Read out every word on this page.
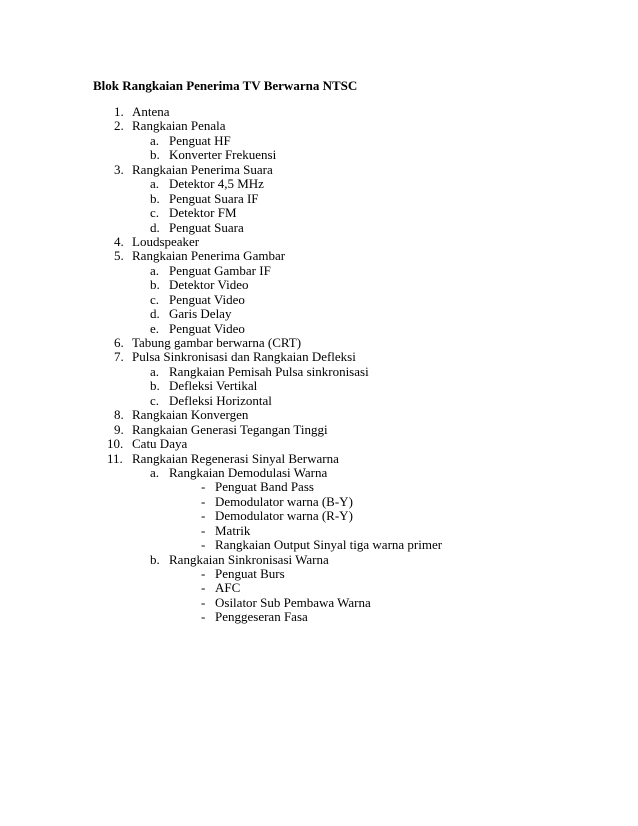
Blok Rangkaian Penerima TV Berwarna NTSC
1. Antena
2. Rangkaian Penala
a. Penguat HF
b. Konverter Frekuensi
3. Rangkaian Penerima Suara
a. Detektor 4,5 MHz
b. Penguat Suara IF
c. Detektor FM
d. Penguat Suara
4. Loudspeaker
5. Rangkaian Penerima Gambar
a. Penguat Gambar IF
b. Detektor Video
c. Penguat Video
d. Garis Delay
e. Penguat Video
6. Tabung gambar berwarna (CRT)
7. Pulsa Sinkronisasi dan Rangkaian Defleksi
a. Rangkaian Pemisah Pulsa sinkronisasi
b. Defleksi Vertikal
c. Defleksi Horizontal
8. Rangkaian Konvergen
9. Rangkaian Generasi Tegangan Tinggi
10. Catu Daya
11. Rangkaian Regenerasi Sinyal Berwarna
a. Rangkaian Demodulasi Warna
- Penguat Band Pass
- Demodulator warna (B-Y)
- Demodulator warna (R-Y)
- Matrik
- Rangkaian Output Sinyal tiga warna primer
b. Rangkaian Sinkronisasi Warna
- Penguat Burs
- AFC
- Osilator Sub Pembawa Warna
- Penggeseran Fasa
